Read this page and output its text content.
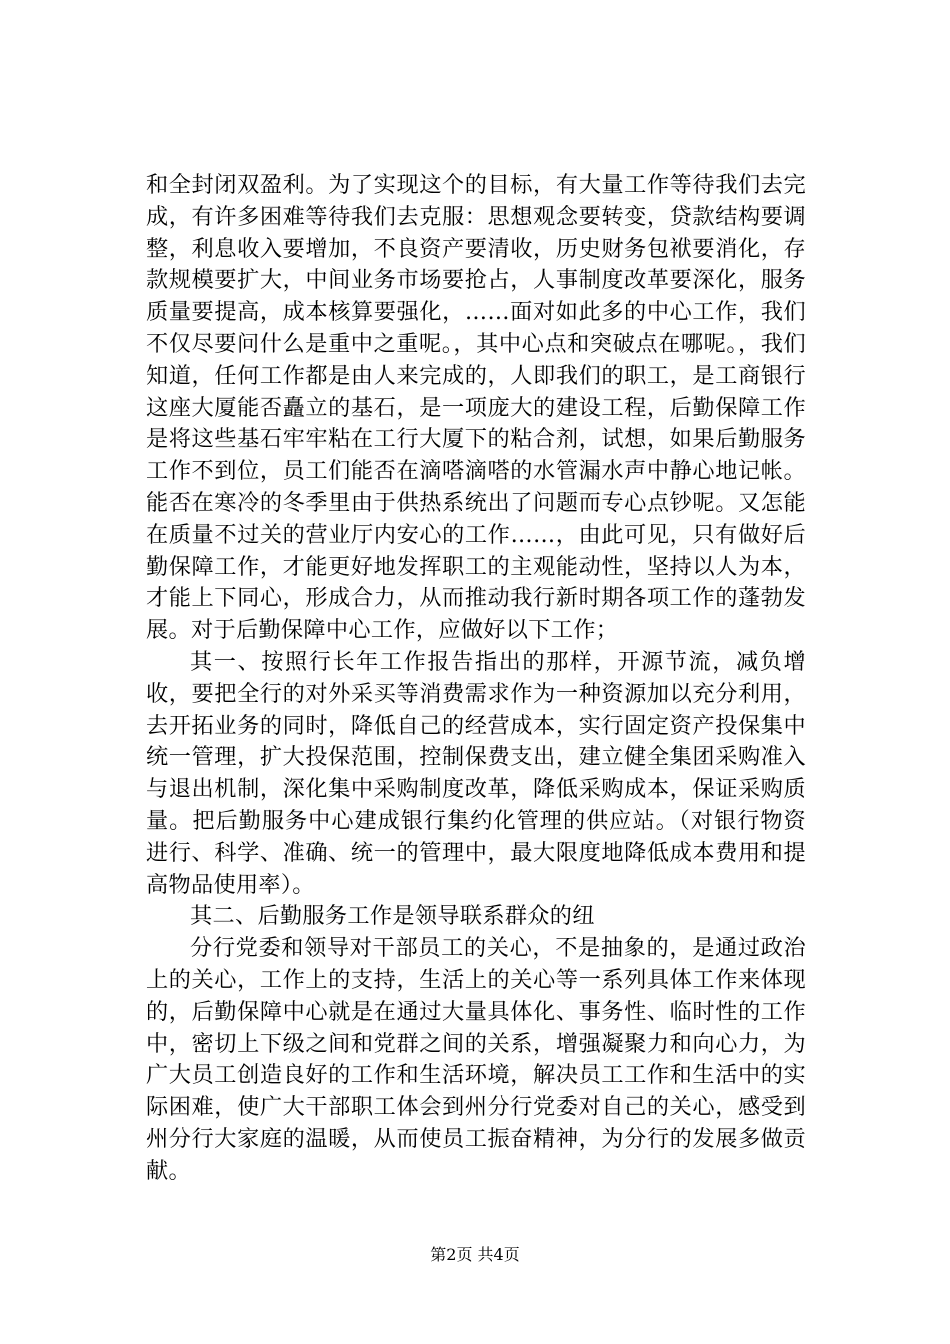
和全封闭双盈利。为了实现这个的目标，有大量工作等待我们去完成，有许多困难等待我们去克服：思想观念要转变，贷款结构要调整，利息收入要增加，不良资产要清收，历史财务包袱要消化，存款规模要扩大，中间业务市场要抢占，人事制度改革要深化，服务质量要提高，成本核算要强化，……面对如此多的中心工作，我们不仅尽要问什么是重中之重呢。，其中心点和突破点在哪呢。，我们知道，任何工作都是由人来完成的，人即我们的职工，是工商银行这座大厦能否矗立的基石，是一项庞大的建设工程，后勤保障工作是将这些基石牢牢粘在工行大厦下的粘合剂，试想，如果后勤服务工作不到位，员工们能否在滴嗒滴嗒的水管漏水声中静心地记帐。能否在寒冷的冬季里由于供热系统出了问题而专心点钞呢。又怎能在质量不过关的营业厅内安心的工作……，由此可见，只有做好后勤保障工作，才能更好地发挥职工的主观能动性，坚持以人为本，才能上下同心，形成合力，从而推动我行新时期各项工作的蓬勃发展。对于后勤保障中心工作，应做好以下工作；

其一、按照行长年工作报告指出的那样，开源节流，减负增收，要把全行的对外采买等消费需求作为一种资源加以充分利用，去开拓业务的同时，降低自己的经营成本，实行固定资产投保集中统一管理，扩大投保范围，控制保费支出，建立健全集团采购准入与退出机制，深化集中采购制度改革，降低采购成本，保证采购质量。把后勤服务中心建成银行集约化管理的供应站。（对银行物资进行、科学、准确、统一的管理中，最大限度地降低成本费用和提高物品使用率）。

其二、后勤服务工作是领导联系群众的纽

分行党委和领导对干部员工的关心，不是抽象的，是通过政治上的关心，工作上的支持，生活上的关心等一系列具体工作来体现的，后勤保障中心就是在通过大量具体化、事务性、临时性的工作中，密切上下级之间和党群之间的关系，增强凝聚力和向心力，为广大员工创造良好的工作和生活环境，解决员工工作和生活中的实际困难，使广大干部职工体会到州分行党委对自己的关心，感受到州分行大家庭的温暖，从而使员工振奋精神，为分行的发展多做贡献。

第2页 共4页
